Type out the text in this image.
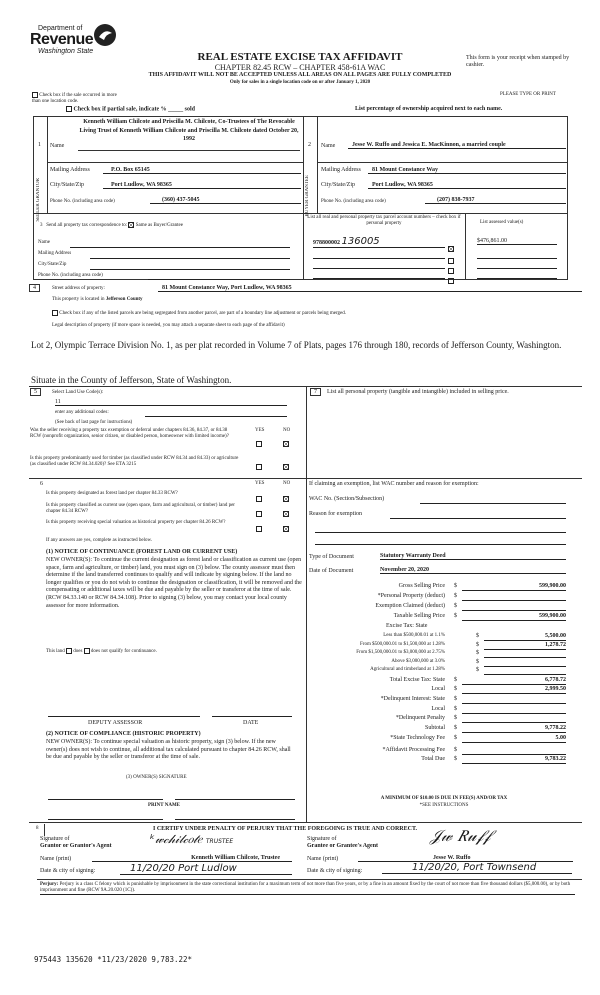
Department of
Revenue
Washington State	REAL ESTATE EXCISE TAX AFFIDAVIT
CHAPTER 82.45 RCW – CHAPTER 458-61A WAC
THIS AFFIDAVIT WILL NOT BE ACCEPTED UNLESS ALL AREAS ON ALL PAGES ARE FULLY COMPLETED
Only for sales in a single location code on or after January 1, 2020
This form is your receipt when stamped by cashier.
PLEASE TYPE OR PRINT
Check box if the sale occurred in more than one location code.
Check box if partial sale, indicate % _____ sold	List percentage of ownership acquired next to each name.
1
SELLER GRANTOR
Name
Kenneth William Chilcote and Priscilla M. Chilcote, Co-Trustees of The Revocable Living Trust of Kenneth William Chilcote and Priscilla M. Chilcote dated October 20, 1992
Mailing Address	P.O. Box 65145
City/State/Zip	Port Ludlow, WA 98365
Phone No. (including area code)	(360) 437-5045
2
BUYER GRANTEE
Name	Jesse W. Ruffo and Jessica E. MacKinnon, a married couple
Mailing Address	81 Mount Constance Way
City/State/Zip	Port Ludlow, WA 98365
Phone No. (including area code)	(207) 838-7937
3 Send all property tax correspondence to: Same as Buyer/Grantee
Name
Mailing Address
City/State/Zip
Phone No. (including area code)
List all real and personal property tax parcel account numbers – check box if personal property	List assessed value(s)
978800002 136005	$476,861.00
4	Street address of property:	81 Mount Constance Way, Port Ludlow, WA 98365
This property is located in Jefferson County
Check box if any of the listed parcels are being segregated from another parcel, are part of a boundary line adjustment or parcels being merged.
Legal description of property (if more space is needed, you may attach a separate sheet to each page of the affidavit)
Lot 2, Olympic Terrace Division No. 1, as per plat recorded in Volume 7 of Plats, pages 176 through 180, records of Jefferson County, Washington.
Situate in the County of Jefferson, State of Washington.
5	Select Land Use Code(s):
11
enter any additional codes:
(See back of last page for instructions)
YES	NO
Was the seller receiving a property tax exemption or deferral under chapters 84.36, 84.37, or 84.38 RCW (nonprofit organization, senior citizen, or disabled person, homeowner with limited income)?
Is this property predominantly used for timber (as classified under RCW 84.34 and 84.33) or agriculture (as classified under RCW 84.34.020)? See ETA 3215
6	YES	NO
Is this property designated as forest land per chapter 84.33 RCW?
Is this property classified as current use (open space, farm and agricultural, or timber) land per chapter 84.34 RCW?
Is this property receiving special valuation as historical property per chapter 84.26 RCW?
If any answers are yes, complete as instructed below.
(1) NOTICE OF CONTINUANCE (FOREST LAND OR CURRENT USE)
NEW OWNER(S): To continue the current designation as forest land or classification as current use (open space, farm and agriculture, or timber) land, you must sign on (3) below. The county assessor must then determine if the land transferred continues to qualify and will indicate by signing below. If the land no longer qualifies or you do not wish to continue the designation or classification, it will be removed and the compensating or additional taxes will be due and payable by the seller or transferor at the time of sale. (RCW 84.33.140 or RCW 84.34.108). Prior to signing (3) below, you may contact your local county assessor for more information.
This land does does not qualify for continuance.
DEPUTY ASSESSOR	DATE
(2) NOTICE OF COMPLIANCE (HISTORIC PROPERTY)
NEW OWNER(S): To continue special valuation as historic property, sign (3) below. If the new owner(s) does not wish to continue, all additional tax calculated pursuant to chapter 84.26 RCW, shall be due and payable by the seller or transferor at the time of sale.
(3) OWNER(S) SIGNATURE
PRINT NAME
7	List all personal property (tangible and intangible) included in selling price.
If claiming an exemption, list WAC number and reason for exemption:
WAC No. (Section/Subsection)
Reason for exemption
Type of Document	Statutory Warranty Deed
Date of Document	November 20, 2020
Gross Selling Price $	599,900.00
*Personal Property (deduct) $
Exemption Claimed (deduct) $
Taxable Selling Price $	599,900.00
Excise Tax: State
Less than $500,000.01 at 1.1%	$	5,500.00
From $500,000.01 to $1,500,000 at 1.28%	$	1,278.72
From $1,500,000.01 to $3,000,000 at 2.75%	$
Above $3,000,000 at 3.0%	$
Agricultural and timberland at 1.28%	$
Total Excise Tax: State $	6,778.72
Local $	2,999.50
*Delinquent Interest: State $
Local $
*Delinquent Penalty $
Subtotal $	9,778.22
*State Technology Fee $	5.00
*Affidavit Processing Fee $
Total Due $	9,783.22
A MINIMUM OF $10.00 IS DUE IN FEE(S) AND/OR TAX
*SEE INSTRUCTIONS
8	I CERTIFY UNDER PENALTY OF PERJURY THAT THE FOREGOING IS TRUE AND CORRECT.
Signature of
Grantor or Grantor's Agent	ᵏ𝓌𝒸𝒽𝒾𝓁𝒸𝑜𝓉𝑒 TRUSTEE	Signature of
Grantee or Grantee's Agent
𝒥𝓌 𝑅𝓊𝒻𝒻
Name (print)	Kenneth William Chilcote, Trustee	Name (print)	Jesse W. Ruffo
Date & city of signing:	11/20/20 Port Ludlow	Date & city of signing:	11/20/20, Port Townsend
Perjury: Perjury is a class C felony which is punishable by imprisonment in the state correctional institution for a maximum term of not more than five years, or by a fine in an amount fixed by the court of not more than five thousand dollars ($5,000.00), or by both imprisonment and fine (RCW 9A.20.020 (1C)).
975443 135620 *11/23/2020 9,783.22*
